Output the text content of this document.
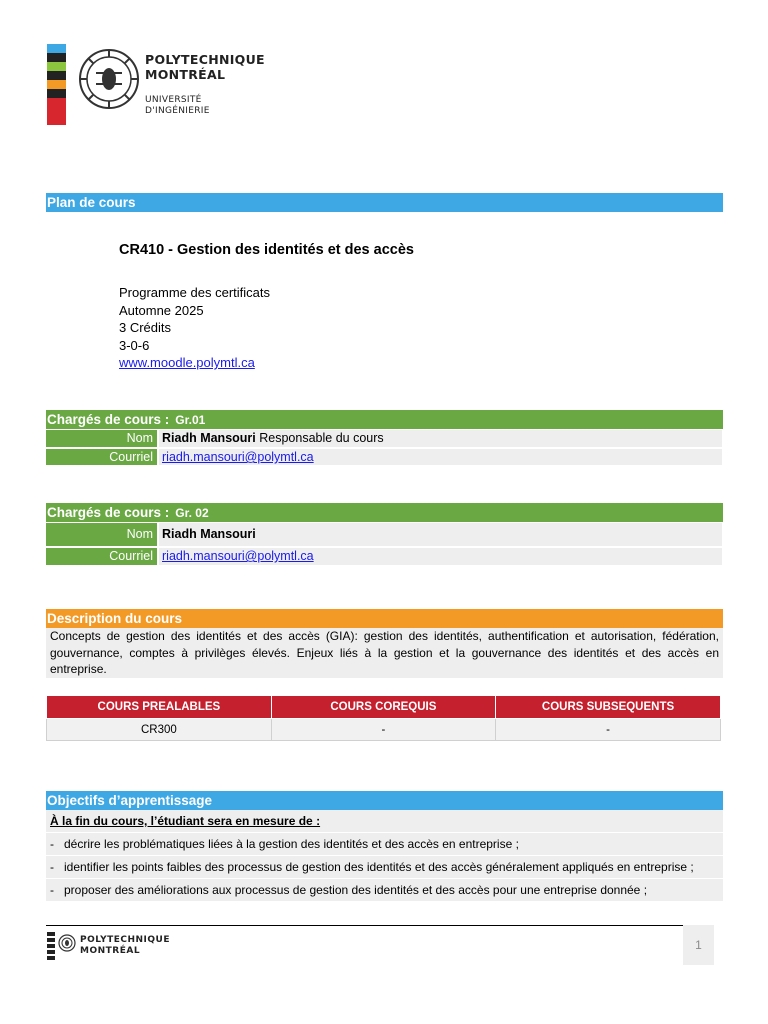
POLYTECHNIQUE
MONTRÉAL
UNIVERSITÉ
D'INGÉNIERIE
Plan de cours
CR410 - Gestion des identités et des accès
Programme des certificats
Automne 2025
3 Crédits
3-0-6
www.moodle.polymtl.ca
Chargés de cours : Gr.01
Nom Riadh Mansouri Responsable du cours
Courriel riadh.mansouri@polymtl.ca
Chargés de cours : Gr. 02
Nom Riadh Mansouri
Courriel riadh.mansouri@polymtl.ca
Description du cours
Concepts de gestion des identités et des accès (GIA): gestion des identités, authentification et autorisation, fédération, gouvernance, comptes à privilèges élevés. Enjeux liés à la gestion et la gouvernance des identités et des accès en entreprise.
COURS PREALABLES	COURS COREQUIS	COURS SUBSEQUENTS
CR300	-	-
Objectifs d’apprentissage
À la fin du cours, l’étudiant sera en mesure de :
- décrire les problématiques liées à la gestion des identités et des accès en entreprise ;
- identifier les points faibles des processus de gestion des identités et des accès généralement appliqués en entreprise ;
- proposer des améliorations aux processus de gestion des identités et des accès pour une entreprise donnée ;
POLYTECHNIQUE
MONTRÉAL	1
